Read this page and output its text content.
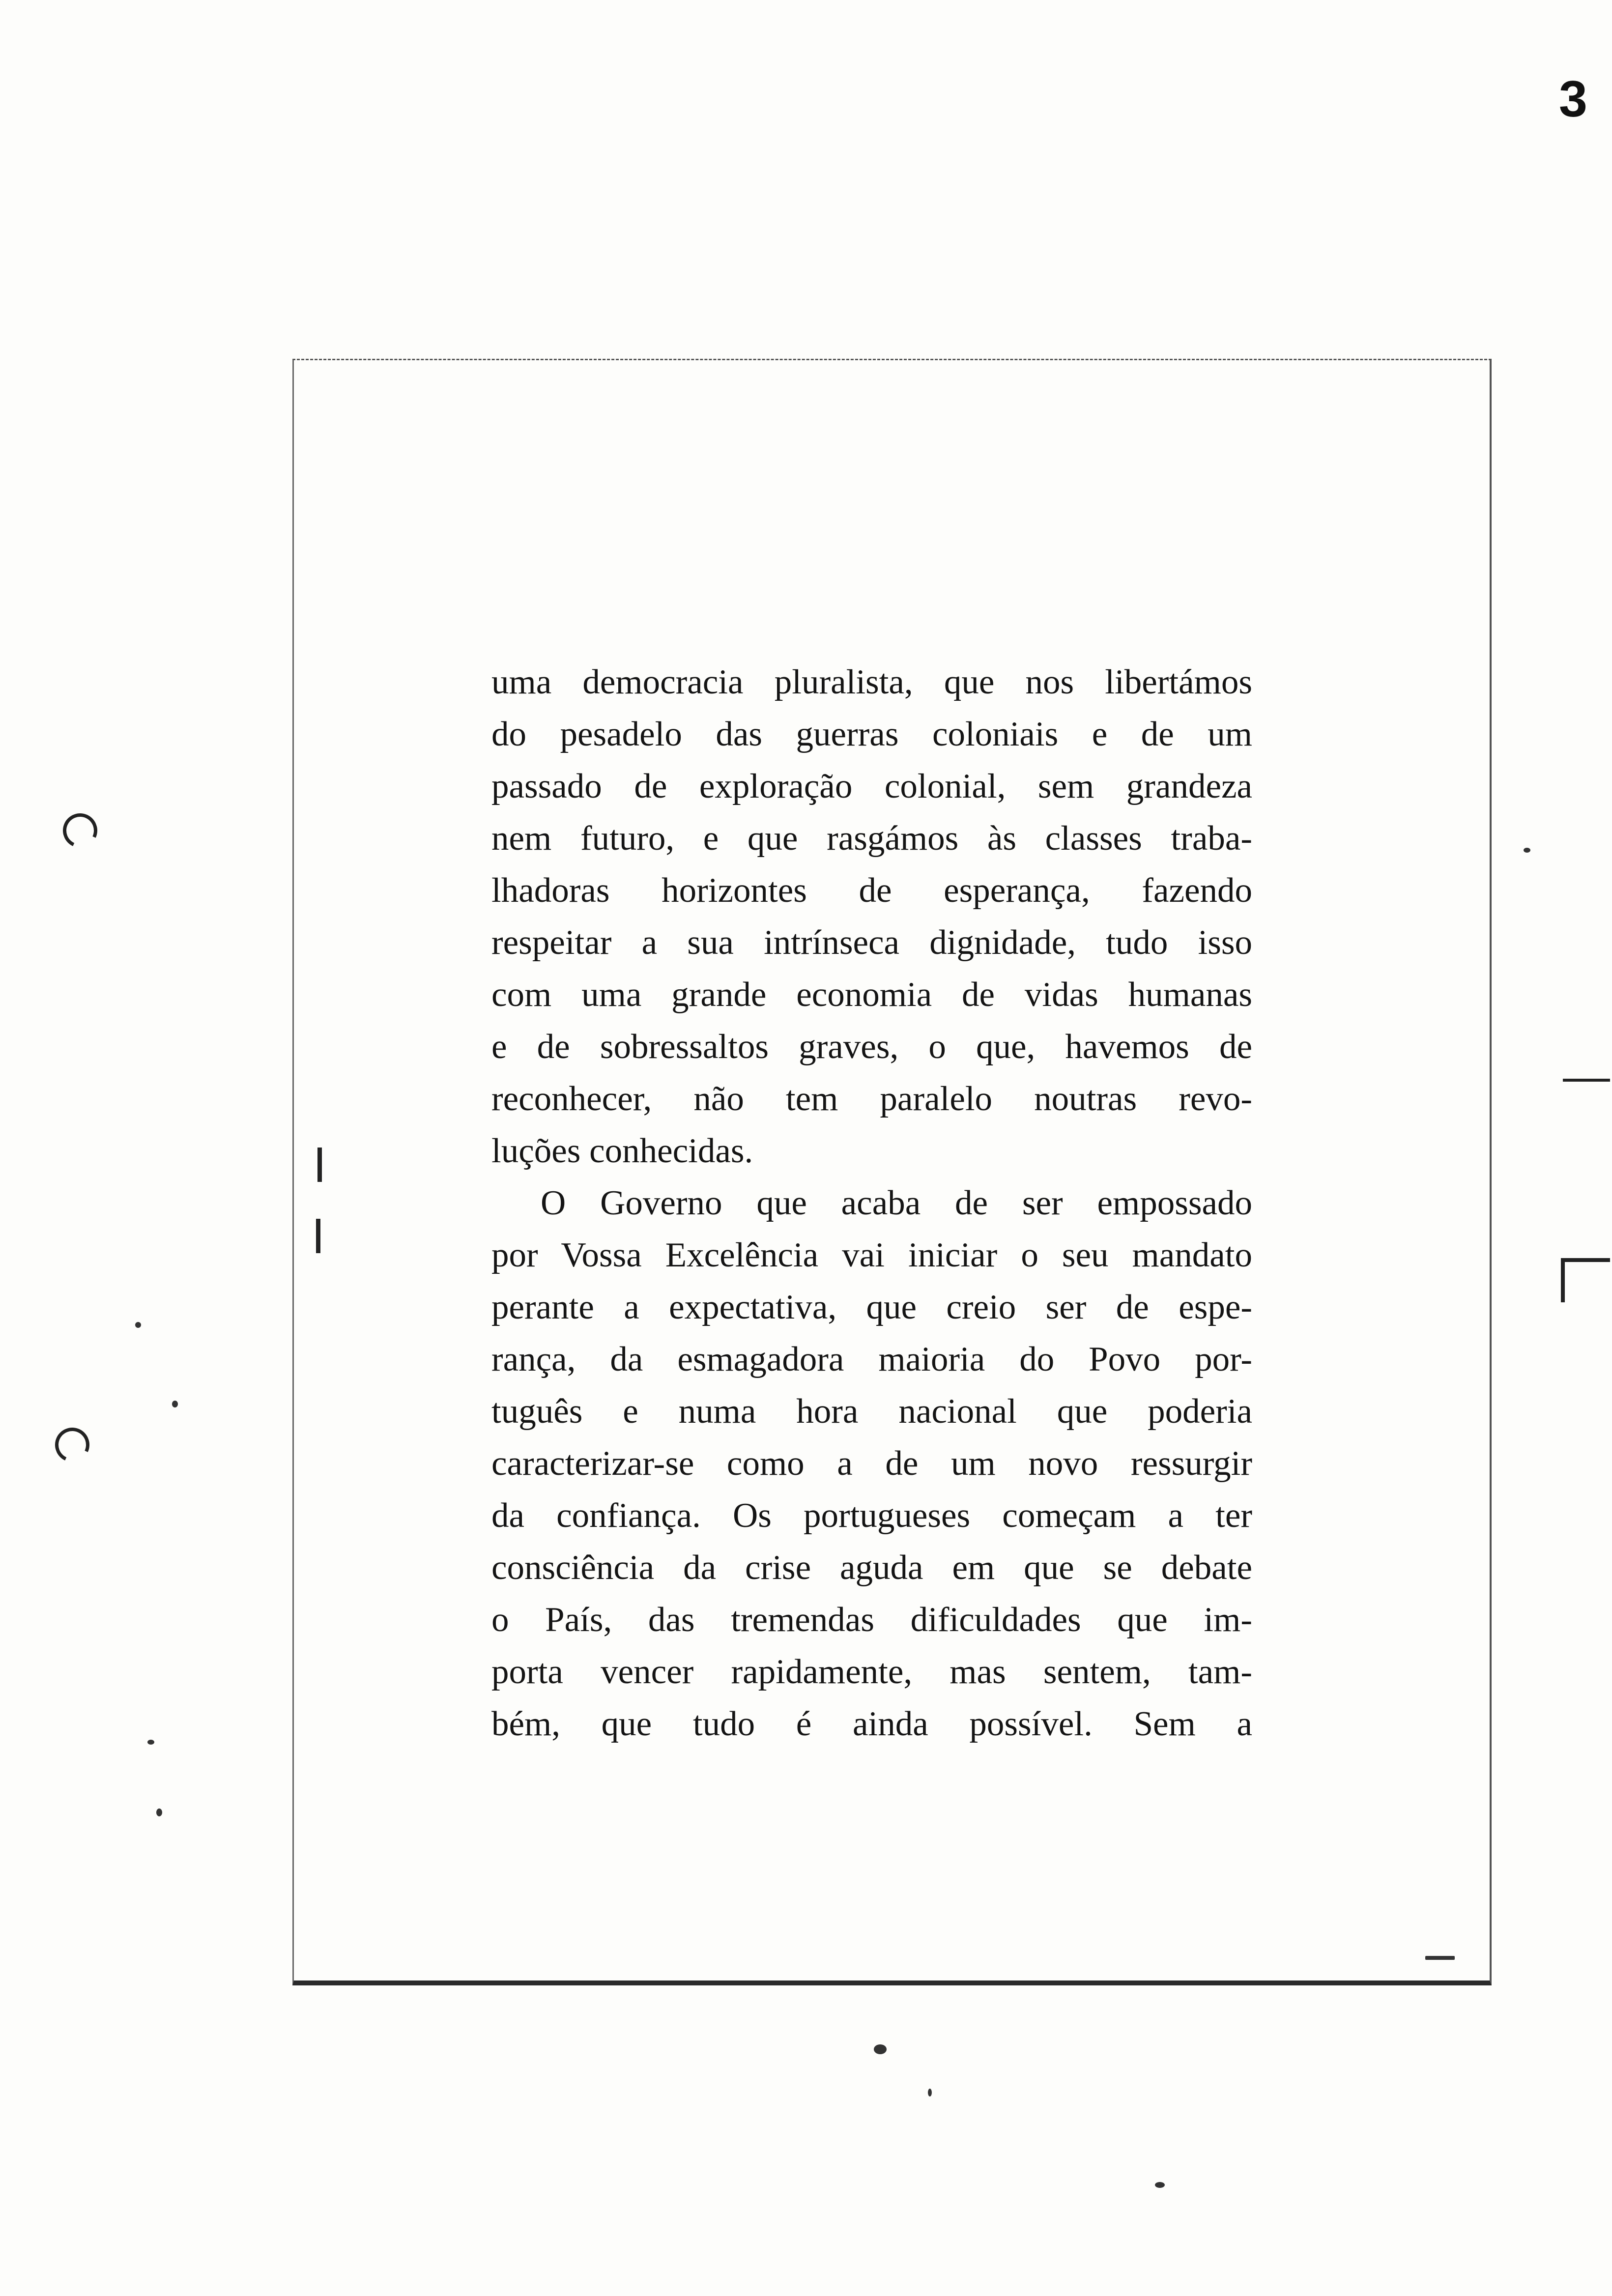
3

uma democracia pluralista, que nos libertámos
do pesadelo das guerras coloniais e de um
passado de exploração colonial, sem grandeza
nem futuro, e que rasgámos às classes traba-
lhadoras horizontes de esperança, fazendo
respeitar a sua intrínseca dignidade, tudo isso
com uma grande economia de vidas humanas
e de sobressaltos graves, o que, havemos de
reconhecer, não tem paralelo noutras revo-
luções conhecidas.

O Governo que acaba de ser empossado
por Vossa Excelência vai iniciar o seu mandato
perante a expectativa, que creio ser de espe-
rança, da esmagadora maioria do Povo por-
tuguês e numa hora nacional que poderia
caracterizar-se como a de um novo ressurgir
da confiança. Os portugueses começam a ter
consciência da crise aguda em que se debate
o País, das tremendas dificuldades que im-
porta vencer rapidamente, mas sentem, tam-
bém, que tudo é ainda possível. Sem a
